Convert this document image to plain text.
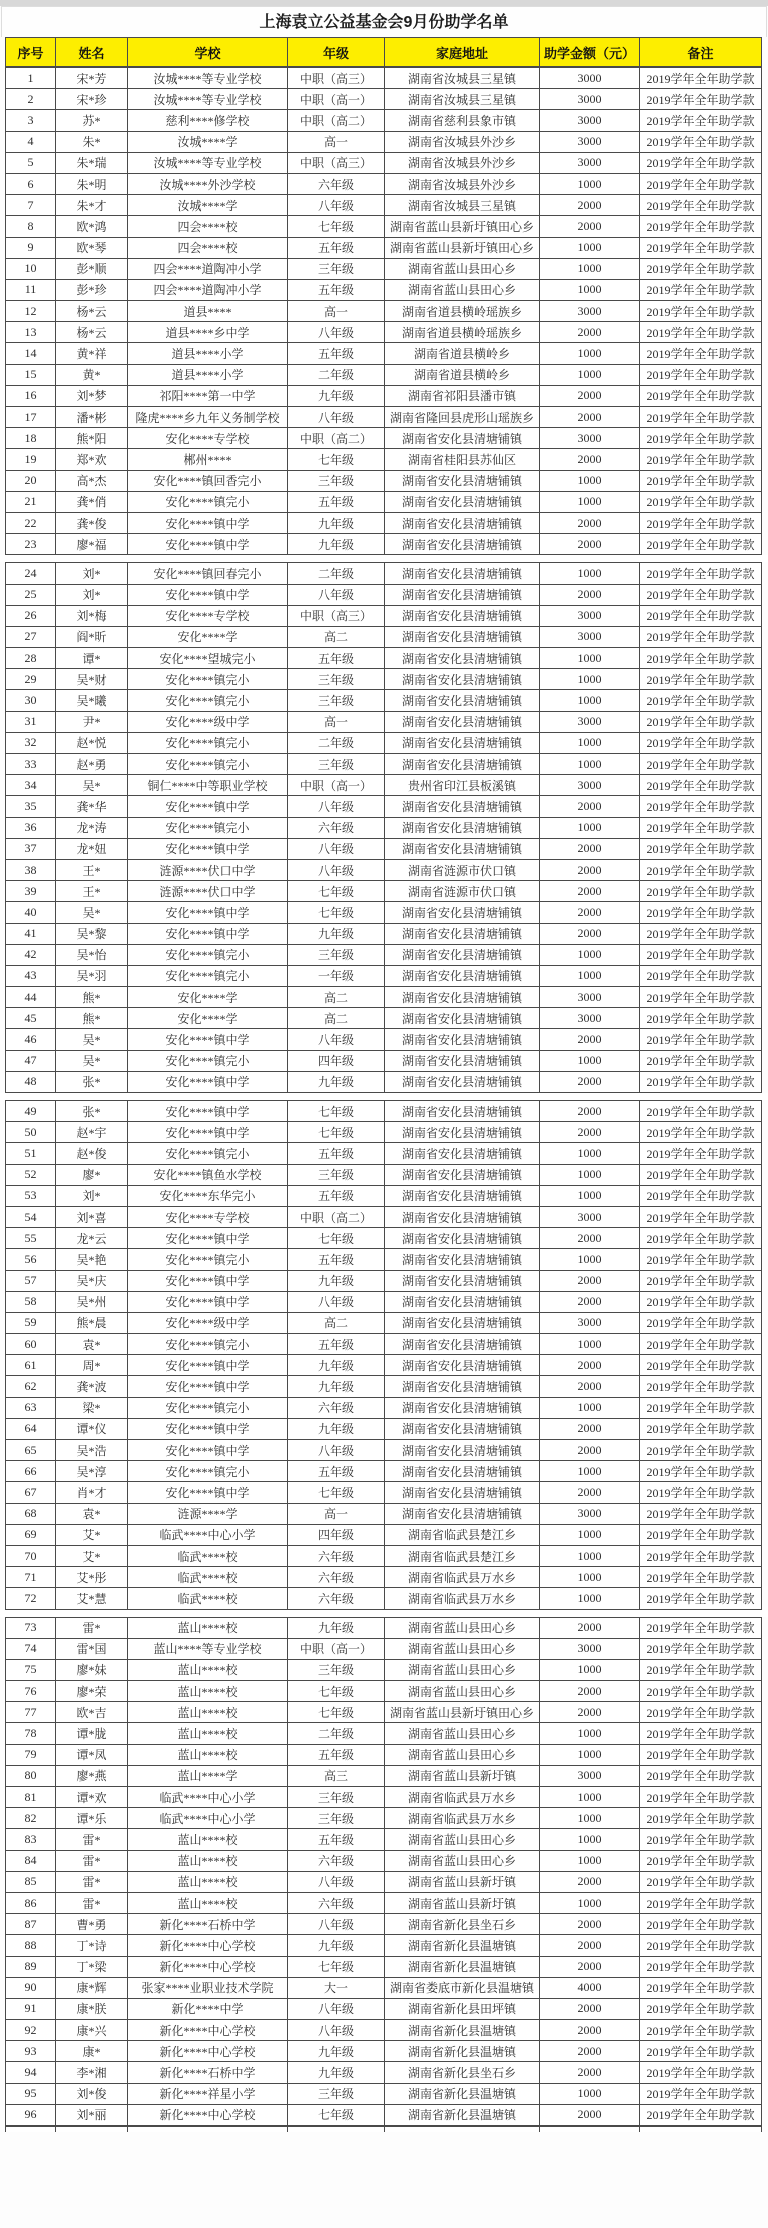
上海袁立公益基金会9月份助学名单
序号	姓名	学校	年级	家庭地址	助学金额（元）	备注
1	宋*芳	汝城****等专业学校	中职（高三）	湖南省汝城县三星镇	3000	2019学年全年助学款
2	宋*珍	汝城****等专业学校	中职（高一）	湖南省汝城县三星镇	3000	2019学年全年助学款
3	苏*	慈利****修学校	中职（高二）	湖南省慈利县象市镇	3000	2019学年全年助学款
4	朱*	汝城****学	高一	湖南省汝城县外沙乡	3000	2019学年全年助学款
5	朱*瑞	汝城****等专业学校	中职（高三）	湖南省汝城县外沙乡	3000	2019学年全年助学款
6	朱*明	汝城****外沙学校	六年级	湖南省汝城县外沙乡	1000	2019学年全年助学款
7	朱*才	汝城****学	八年级	湖南省汝城县三星镇	2000	2019学年全年助学款
8	欧*鸿	四会****校	七年级	湖南省蓝山县新圩镇田心乡	2000	2019学年全年助学款
9	欧*琴	四会****校	五年级	湖南省蓝山县新圩镇田心乡	1000	2019学年全年助学款
10	彭*顺	四会****道陶冲小学	三年级	湖南省蓝山县田心乡	1000	2019学年全年助学款
11	彭*珍	四会****道陶冲小学	五年级	湖南省蓝山县田心乡	1000	2019学年全年助学款
12	杨*云	道县****	高一	湖南省道县横岭瑶族乡	3000	2019学年全年助学款
13	杨*云	道县****乡中学	八年级	湖南省道县横岭瑶族乡	2000	2019学年全年助学款
14	黄*祥	道县****小学	五年级	湖南省道县横岭乡	1000	2019学年全年助学款
15	黄*	道县****小学	二年级	湖南省道县横岭乡	1000	2019学年全年助学款
16	刘*梦	祁阳****第一中学	九年级	湖南省祁阳县潘市镇	2000	2019学年全年助学款
17	潘*彬	隆虎****乡九年义务制学校	八年级	湖南省隆回县虎形山瑶族乡	2000	2019学年全年助学款
18	熊*阳	安化****专学校	中职（高二）	湖南省安化县清塘铺镇	3000	2019学年全年助学款
19	郑*欢	郴州****	七年级	湖南省桂阳县苏仙区	2000	2019学年全年助学款
20	高*杰	安化****镇回香完小	三年级	湖南省安化县清塘铺镇	1000	2019学年全年助学款
21	龚*俏	安化****镇完小	五年级	湖南省安化县清塘铺镇	1000	2019学年全年助学款
22	龚*俊	安化****镇中学	九年级	湖南省安化县清塘铺镇	2000	2019学年全年助学款
23	廖*福	安化****镇中学	九年级	湖南省安化县清塘铺镇	2000	2019学年全年助学款
24	刘*	安化****镇回春完小	二年级	湖南省安化县清塘铺镇	1000	2019学年全年助学款
25	刘*	安化****镇中学	八年级	湖南省安化县清塘铺镇	2000	2019学年全年助学款
26	刘*梅	安化****专学校	中职（高三）	湖南省安化县清塘铺镇	3000	2019学年全年助学款
27	阎*昕	安化****学	高二	湖南省安化县清塘铺镇	3000	2019学年全年助学款
28	谭*	安化****望城完小	五年级	湖南省安化县清塘铺镇	1000	2019学年全年助学款
29	吴*财	安化****镇完小	三年级	湖南省安化县清塘铺镇	1000	2019学年全年助学款
30	吴*曦	安化****镇完小	三年级	湖南省安化县清塘铺镇	1000	2019学年全年助学款
31	尹*	安化****级中学	高一	湖南省安化县清塘铺镇	3000	2019学年全年助学款
32	赵*悦	安化****镇完小	二年级	湖南省安化县清塘铺镇	1000	2019学年全年助学款
33	赵*勇	安化****镇完小	三年级	湖南省安化县清塘铺镇	1000	2019学年全年助学款
34	吴*	铜仁****中等职业学校	中职（高一）	贵州省印江县板溪镇	3000	2019学年全年助学款
35	龚*华	安化****镇中学	八年级	湖南省安化县清塘铺镇	2000	2019学年全年助学款
36	龙*涛	安化****镇完小	六年级	湖南省安化县清塘铺镇	1000	2019学年全年助学款
37	龙*妞	安化****镇中学	八年级	湖南省安化县清塘铺镇	2000	2019学年全年助学款
38	王*	涟源****伏口中学	八年级	湖南省涟源市伏口镇	2000	2019学年全年助学款
39	王*	涟源****伏口中学	七年级	湖南省涟源市伏口镇	2000	2019学年全年助学款
40	吴*	安化****镇中学	七年级	湖南省安化县清塘铺镇	2000	2019学年全年助学款
41	吴*黎	安化****镇中学	九年级	湖南省安化县清塘铺镇	2000	2019学年全年助学款
42	吴*怡	安化****镇完小	三年级	湖南省安化县清塘铺镇	1000	2019学年全年助学款
43	吴*羽	安化****镇完小	一年级	湖南省安化县清塘铺镇	1000	2019学年全年助学款
44	熊*	安化****学	高二	湖南省安化县清塘铺镇	3000	2019学年全年助学款
45	熊*	安化****学	高二	湖南省安化县清塘铺镇	3000	2019学年全年助学款
46	吴*	安化****镇中学	八年级	湖南省安化县清塘铺镇	2000	2019学年全年助学款
47	吴*	安化****镇完小	四年级	湖南省安化县清塘铺镇	1000	2019学年全年助学款
48	张*	安化****镇中学	九年级	湖南省安化县清塘铺镇	2000	2019学年全年助学款
49	张*	安化****镇中学	七年级	湖南省安化县清塘铺镇	2000	2019学年全年助学款
50	赵*宇	安化****镇中学	七年级	湖南省安化县清塘铺镇	2000	2019学年全年助学款
51	赵*俊	安化****镇完小	五年级	湖南省安化县清塘铺镇	1000	2019学年全年助学款
52	廖*	安化****镇鱼水学校	三年级	湖南省安化县清塘铺镇	1000	2019学年全年助学款
53	刘*	安化****东华完小	五年级	湖南省安化县清塘铺镇	1000	2019学年全年助学款
54	刘*喜	安化****专学校	中职（高二）	湖南省安化县清塘铺镇	3000	2019学年全年助学款
55	龙*云	安化****镇中学	七年级	湖南省安化县清塘铺镇	2000	2019学年全年助学款
56	吴*艳	安化****镇完小	五年级	湖南省安化县清塘铺镇	1000	2019学年全年助学款
57	吴*庆	安化****镇中学	九年级	湖南省安化县清塘铺镇	2000	2019学年全年助学款
58	吴*州	安化****镇中学	八年级	湖南省安化县清塘铺镇	2000	2019学年全年助学款
59	熊*晨	安化****级中学	高二	湖南省安化县清塘铺镇	3000	2019学年全年助学款
60	袁*	安化****镇完小	五年级	湖南省安化县清塘铺镇	1000	2019学年全年助学款
61	周*	安化****镇中学	九年级	湖南省安化县清塘铺镇	2000	2019学年全年助学款
62	龚*波	安化****镇中学	九年级	湖南省安化县清塘铺镇	2000	2019学年全年助学款
63	梁*	安化****镇完小	六年级	湖南省安化县清塘铺镇	1000	2019学年全年助学款
64	谭*仪	安化****镇中学	九年级	湖南省安化县清塘铺镇	2000	2019学年全年助学款
65	吴*浩	安化****镇中学	八年级	湖南省安化县清塘铺镇	2000	2019学年全年助学款
66	吴*淳	安化****镇完小	五年级	湖南省安化县清塘铺镇	1000	2019学年全年助学款
67	肖*才	安化****镇中学	七年级	湖南省安化县清塘铺镇	2000	2019学年全年助学款
68	袁*	涟源****学	高一	湖南省安化县清塘铺镇	3000	2019学年全年助学款
69	艾*	临武****中心小学	四年级	湖南省临武县楚江乡	1000	2019学年全年助学款
70	艾*	临武****校	六年级	湖南省临武县楚江乡	1000	2019学年全年助学款
71	艾*彤	临武****校	六年级	湖南省临武县万水乡	1000	2019学年全年助学款
72	艾*慧	临武****校	六年级	湖南省临武县万水乡	1000	2019学年全年助学款
73	雷*	蓝山****校	九年级	湖南省蓝山县田心乡	2000	2019学年全年助学款
74	雷*国	蓝山****等专业学校	中职（高一）	湖南省蓝山县田心乡	3000	2019学年全年助学款
75	廖*妹	蓝山****校	三年级	湖南省蓝山县田心乡	1000	2019学年全年助学款
76	廖*荣	蓝山****校	七年级	湖南省蓝山县田心乡	2000	2019学年全年助学款
77	欧*吉	蓝山****校	七年级	湖南省蓝山县新圩镇田心乡	2000	2019学年全年助学款
78	谭*胧	蓝山****校	二年级	湖南省蓝山县田心乡	1000	2019学年全年助学款
79	谭*凤	蓝山****校	五年级	湖南省蓝山县田心乡	1000	2019学年全年助学款
80	廖*燕	蓝山****学	高三	湖南省蓝山县新圩镇	3000	2019学年全年助学款
81	谭*欢	临武****中心小学	三年级	湖南省临武县万水乡	1000	2019学年全年助学款
82	谭*乐	临武****中心小学	三年级	湖南省临武县万水乡	1000	2019学年全年助学款
83	雷*	蓝山****校	五年级	湖南省蓝山县田心乡	1000	2019学年全年助学款
84	雷*	蓝山****校	六年级	湖南省蓝山县田心乡	1000	2019学年全年助学款
85	雷*	蓝山****校	八年级	湖南省蓝山县新圩镇	2000	2019学年全年助学款
86	雷*	蓝山****校	六年级	湖南省蓝山县新圩镇	1000	2019学年全年助学款
87	曹*勇	新化****石桥中学	八年级	湖南省新化县坐石乡	2000	2019学年全年助学款
88	丁*诗	新化****中心学校	九年级	湖南省新化县温塘镇	2000	2019学年全年助学款
89	丁*梁	新化****中心学校	七年级	湖南省新化县温塘镇	2000	2019学年全年助学款
90	康*辉	张家****业职业技术学院	大一	湖南省娄底市新化县温塘镇	4000	2019学年全年助学款
91	康*朕	新化****中学	八年级	湖南省新化县田坪镇	2000	2019学年全年助学款
92	康*兴	新化****中心学校	八年级	湖南省新化县温塘镇	2000	2019学年全年助学款
93	康*	新化****中心学校	九年级	湖南省新化县温塘镇	2000	2019学年全年助学款
94	李*湘	新化****石桥中学	九年级	湖南省新化县坐石乡	2000	2019学年全年助学款
95	刘*俊	新化****祥星小学	三年级	湖南省新化县温塘镇	1000	2019学年全年助学款
96	刘*丽	新化****中心学校	七年级	湖南省新化县温塘镇	2000	2019学年全年助学款
